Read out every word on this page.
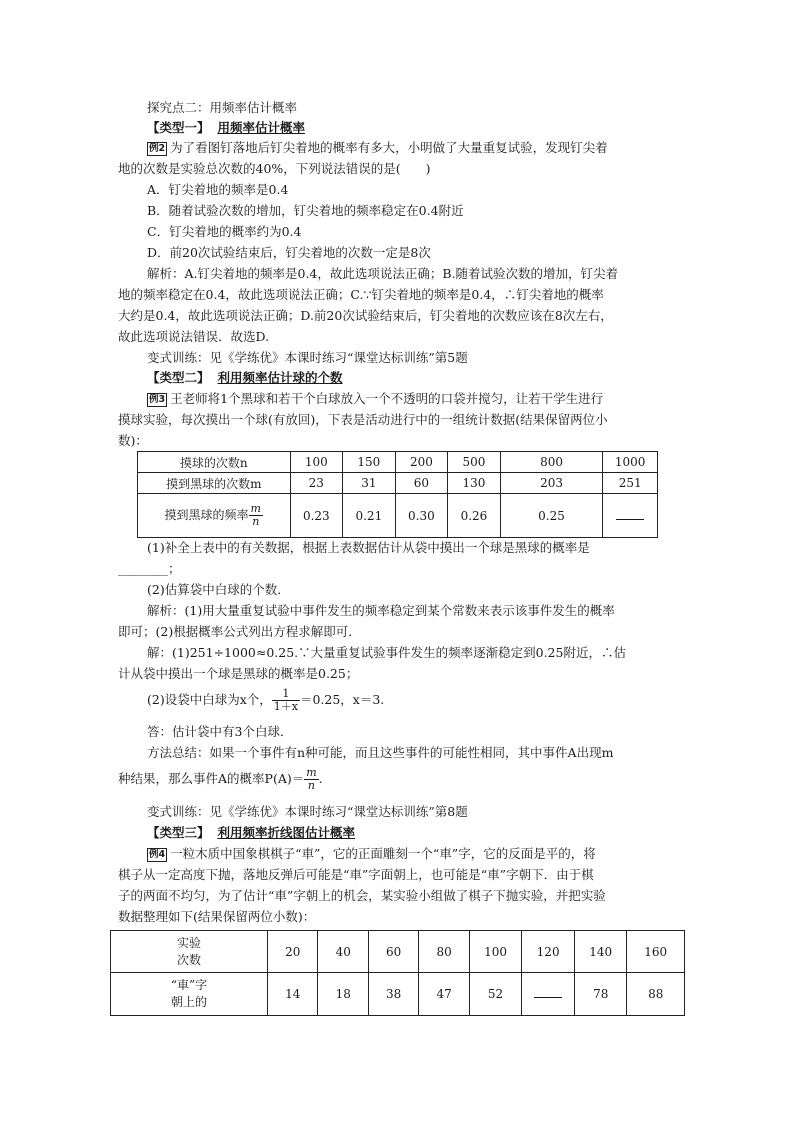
探究点二：用频率估计概率
【类型一】 用频率估计概率
例2 为了看图钉落地后钉尖着地的概率有多大，小明做了大量重复试验，发现钉尖着
地的次数是实验总次数的40%，下列说法错误的是(　　)
A．钉尖着地的频率是0.4
B．随着试验次数的增加，钉尖着地的频率稳定在0.4附近
C．钉尖着地的概率约为0.4
D．前20次试验结束后，钉尖着地的次数一定是8次
解析：A.钉尖着地的频率是0.4，故此选项说法正确；B.随着试验次数的增加，钉尖着
地的频率稳定在0.4，故此选项说法正确；C.∵钉尖着地的频率是0.4，∴钉尖着地的概率
大约是0.4，故此选项说法正确；D.前20次试验结束后，钉尖着地的次数应该在8次左右，
故此选项说法错误．故选D.
变式训练：见《学练优》本课时练习“课堂达标训练”第5题
【类型二】 利用频率估计球的个数
例3 王老师将1个黑球和若干个白球放入一个不透明的口袋并搅匀，让若干学生进行
摸球实验，每次摸出一个球(有放回)，下表是活动进行中的一组统计数据(结果保留两位小
数)：
摸球的次数n	100	150	200	500	800	1000
摸到黑球的次数m	23	31	60	130	203	251
摸到黑球的频率 $\frac{m}{n}$	0.23	0.21	0.30	0.26	0.25	
(1)补全上表中的有关数据，根据上表数据估计从袋中摸出一个球是黑球的概率是
________；
(2)估算袋中白球的个数．
解析：(1)用大量重复试验中事件发生的频率稳定到某个常数来表示该事件发生的概率
即可；(2)根据概率公式列出方程求解即可．
解：(1)251÷1000≈0.25.∵大量重复试验事件发生的频率逐渐稳定到0.25附近，∴估
计从袋中摸出一个球是黑球的概率是0.25；
(2)设袋中白球为x个， $\frac{1}{1+x} =0.25$，x＝3.
答：估计袋中有3个白球．
方法总结：如果一个事件有n种可能，而且这些事件的可能性相同，其中事件A出现m
种结果，那么事件A的概率$P(A)= \frac{m}{n}$ .
变式训练：见《学练优》本课时练习“课堂达标训练”第8题
【类型三】 利用频率折线图估计概率
例4 一粒木质中国象棋棋子“車”，它的正面雕刻一个“車”字，它的反面是平的，将
棋子从一定高度下抛，落地反弹后可能是“車”字面朝上，也可能是“車”字朝下．由于棋
子的两面不均匀，为了估计“車”字朝上的机会，某实验小组做了棋子下抛实验，并把实验
数据整理如下(结果保留两位小数)：
实验
次数	20	40	60	80	100	120	140	160
“車”字
朝上的	14	18	38	47	52		78	88
